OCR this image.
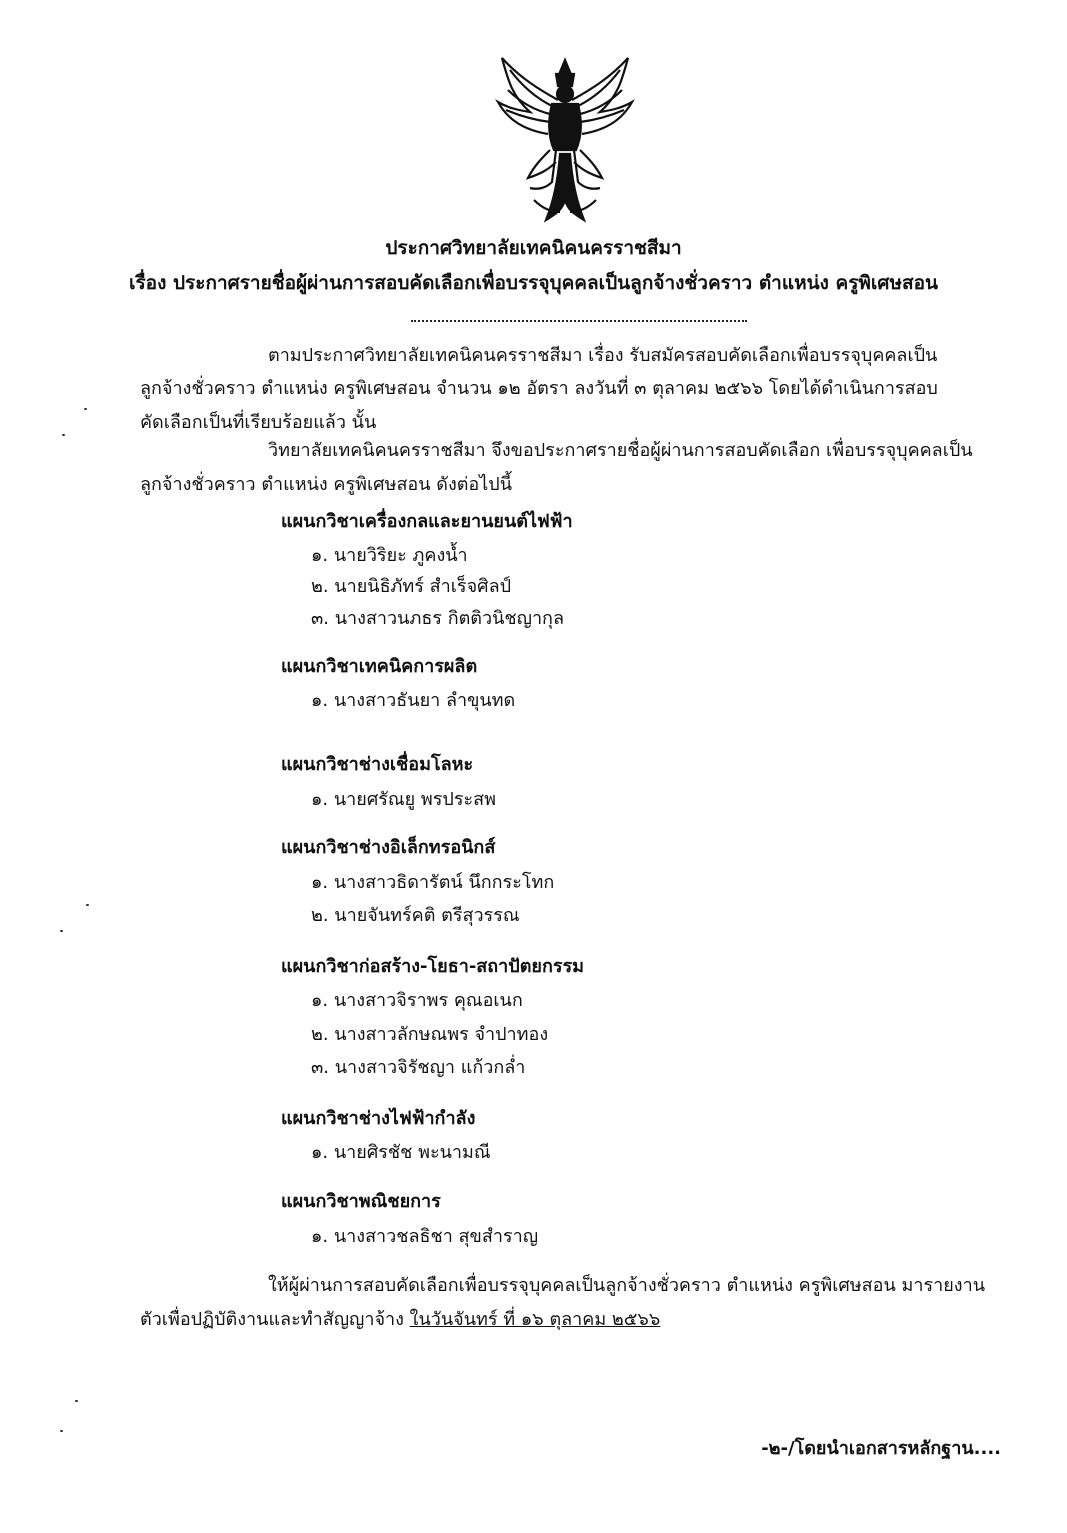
ประกาศวิทยาลัยเทคนิคนครราชสีมา
เรื่อง ประกาศรายชื่อผู้ผ่านการสอบคัดเลือกเพื่อบรรจุบุคคลเป็นลูกจ้างชั่วคราว ตำแหน่ง ครูพิเศษสอน
ตามประกาศวิทยาลัยเทคนิคนครราชสีมา เรื่อง รับสมัครสอบคัดเลือกเพื่อบรรจุบุคคลเป็น
ลูกจ้างชั่วคราว ตำแหน่ง ครูพิเศษสอน จำนวน ๑๒ อัตรา ลงวันที่ ๓ ตุลาคม ๒๕๖๖ โดยได้ดำเนินการสอบ
คัดเลือกเป็นที่เรียบร้อยแล้ว นั้น
วิทยาลัยเทคนิคนครราชสีมา จึงขอประกาศรายชื่อผู้ผ่านการสอบคัดเลือก เพื่อบรรจุบุคคลเป็น
ลูกจ้างชั่วคราว ตำแหน่ง ครูพิเศษสอน ดังต่อไปนี้
แผนกวิชาเครื่องกลและยานยนต์ไฟฟ้า
๑. นายวิริยะ ภูคงน้ำ
๒. นายนิธิภัทร์ สำเร็จศิลป์
๓. นางสาวนภธร กิตติวนิชญากุล
แผนกวิชาเทคนิคการผลิต
๑. นางสาวธันยา ลำขุนทด
แผนกวิชาช่างเชื่อมโลหะ
๑. นายศรัณยู พรประสพ
แผนกวิชาช่างอิเล็กทรอนิกส์
๑. นางสาวธิดารัตน์ นึกกระโทก
๒. นายจันทร์คติ ตรีสุวรรณ
แผนกวิชาก่อสร้าง-โยธา-สถาปัตยกรรม
๑. นางสาวจิราพร คุณอเนก
๒. นางสาวลักษณพร จำปาทอง
๓. นางสาวจิรัชญา แก้วกล่ำ
แผนกวิชาช่างไฟฟ้ากำลัง
๑. นายศิรชัช พะนามณี
แผนกวิชาพณิชยการ
๑. นางสาวชลธิชา สุขสำราญ
ให้ผู้ผ่านการสอบคัดเลือกเพื่อบรรจุบุคคลเป็นลูกจ้างชั่วคราว ตำแหน่ง ครูพิเศษสอน มารายงาน
ตัวเพื่อปฏิบัติงานและทำสัญญาจ้าง ในวันจันทร์ ที่ ๑๖ ตุลาคม ๒๕๖๖
-๒-/โดยนำเอกสารหลักฐาน....
